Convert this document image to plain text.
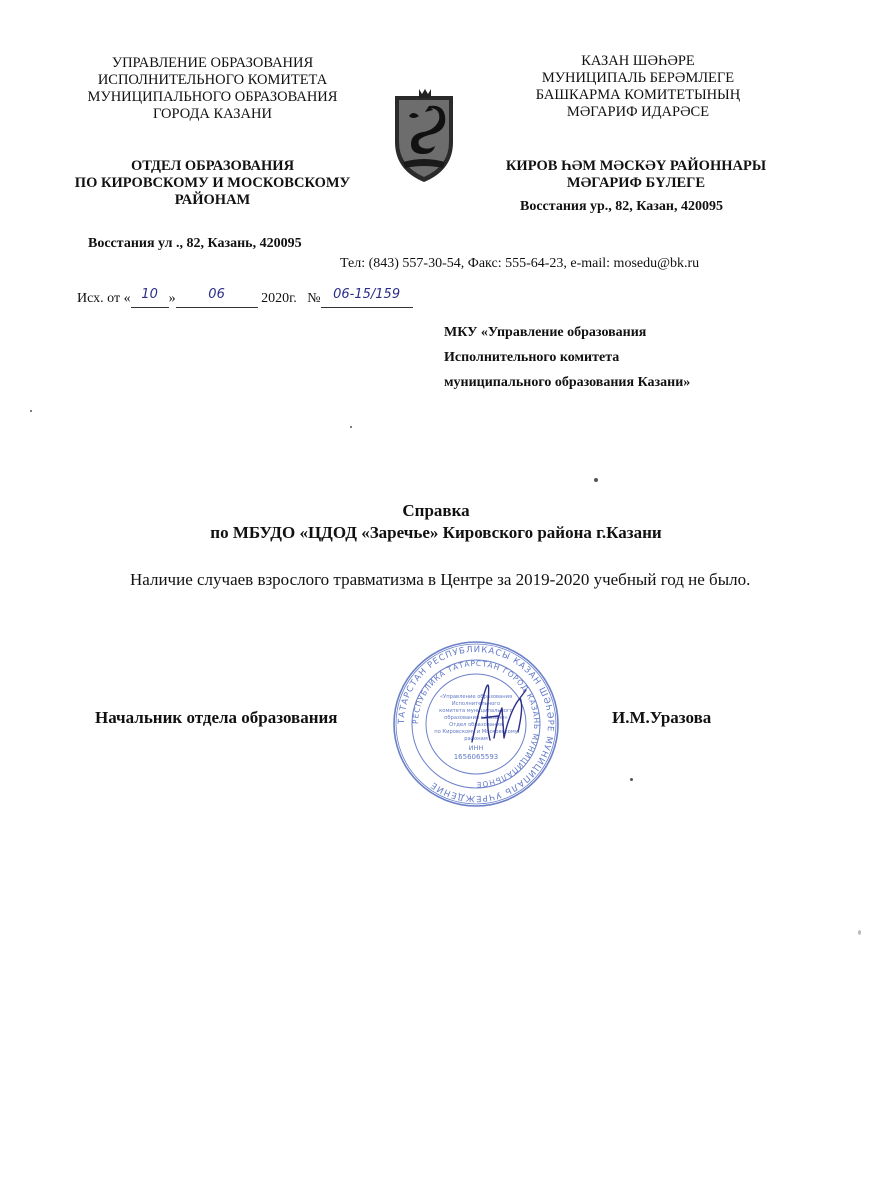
УПРАВЛЕНИЕ ОБРАЗОВАНИЯ
ИСПОЛНИТЕЛЬНОГО КОМИТЕТА
МУНИЦИПАЛЬНОГО ОБРАЗОВАНИЯ
ГОРОДА КАЗАНИ
ОТДЕЛ ОБРАЗОВАНИЯ
ПО КИРОВСКОМУ И МОСКОВСКОМУ
РАЙОНАМ
Восстания ул ., 82, Казань, 420095
КАЗАН ШӘҺӘРЕ
МУНИЦИПАЛЬ БЕРӘМЛЕГЕ
БАШКАРМА КОМИТЕТЫНЫҢ
МӘГАРИФ ИДАРӘСЕ
КИРОВ ҺӘМ МӘСКӘҮ РАЙОННАРЫ
МӘГАРИФ БҮЛЕГЕ
Восстания ур., 82, Казан, 420095
Тел: (843) 557-30-54, Факс: 555-64-23, e-mail: mosedu@bk.ru
Исх. от « 10 »	06	2020г. № 06-15/159
МКУ «Управление образования
Исполнительного комитета
муниципального образования Казани»
Справка
по МБУДО «ЦДОД «Заречье» Кировского района г.Казани
Наличие случаев взрослого травматизма в Центре за 2019-2020 учебный год не было.
ТАТАРСТАН РЕСПУБЛИКАСЫ КАЗАН ШӘҺӘРЕ МУНИЦИПАЛЬ УЧРЕЖДЕНИЕ
РЕСПУБЛИКА ТАТАРСТАН ГОРОД КАЗАНЬ МУНИЦИПАЛЬНОЕ
«Управление образования
Исполнительного
комитета муниципального
образования г.Казани»
Отдел образования
по Кировскому и Московскому
районам
ИНН
1656065593
Начальник отдела образования	И.М.Уразова
